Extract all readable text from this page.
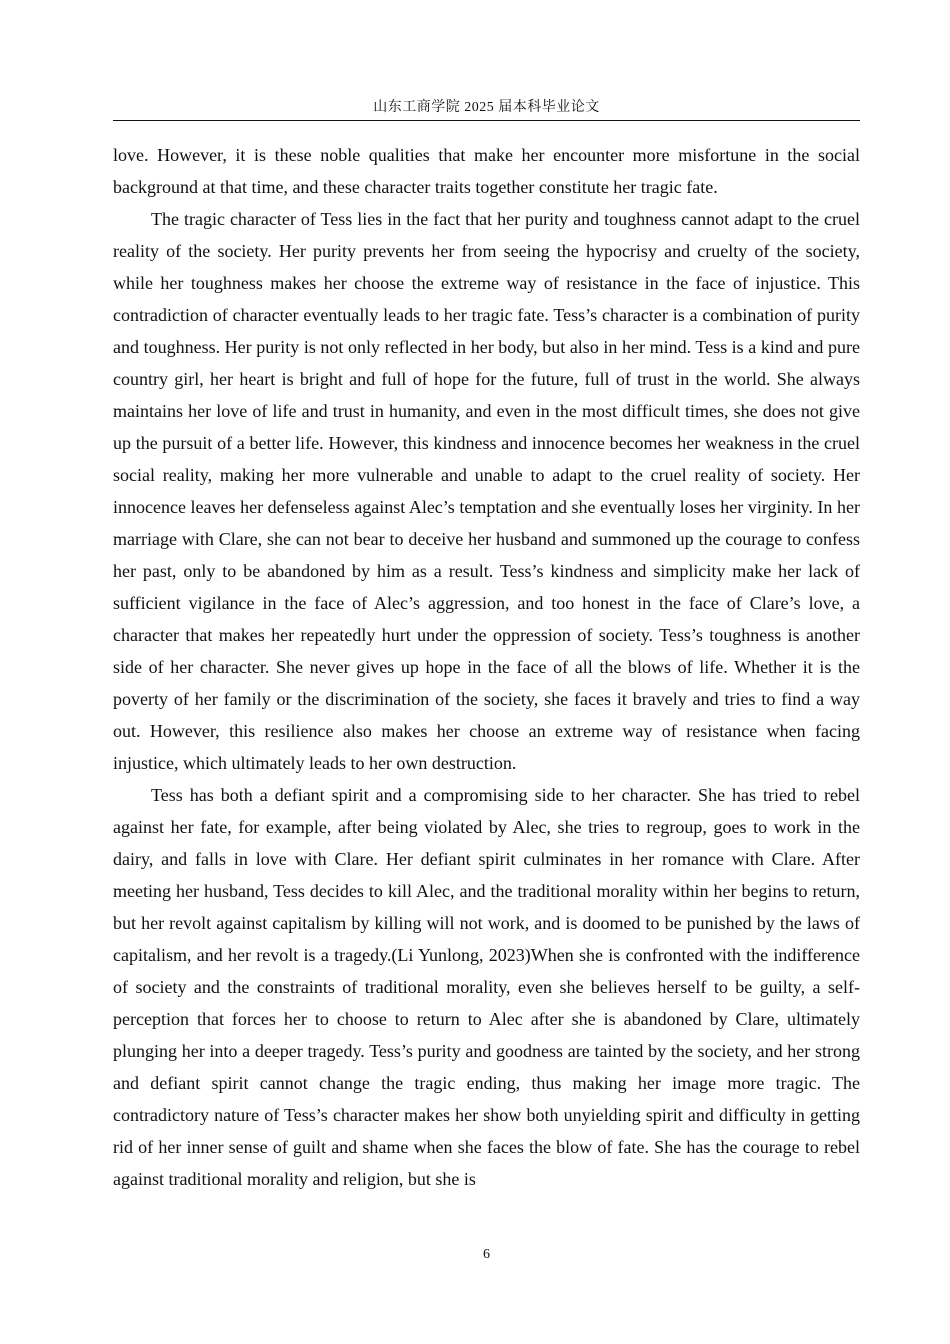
山东工商学院 2025 届本科毕业论文

love. However, it is these noble qualities that make her encounter more misfortune in the social background at that time, and these character traits together constitute her tragic fate.

The tragic character of Tess lies in the fact that her purity and toughness cannot adapt to the cruel reality of the society. Her purity prevents her from seeing the hypocrisy and cruelty of the society, while her toughness makes her choose the extreme way of resistance in the face of injustice. This contradiction of character eventually leads to her tragic fate. Tess’s character is a combination of purity and toughness. Her purity is not only reflected in her body, but also in her mind. Tess is a kind and pure country girl, her heart is bright and full of hope for the future, full of trust in the world. She always maintains her love of life and trust in humanity, and even in the most difficult times, she does not give up the pursuit of a better life. However, this kindness and innocence becomes her weakness in the cruel social reality, making her more vulnerable and unable to adapt to the cruel reality of society. Her innocence leaves her defenseless against Alec’s temptation and she eventually loses her virginity. In her marriage with Clare, she can not bear to deceive her husband and summoned up the courage to confess her past, only to be abandoned by him as a result. Tess’s kindness and simplicity make her lack of sufficient vigilance in the face of Alec’s aggression, and too honest in the face of Clare’s love, a character that makes her repeatedly hurt under the oppression of society. Tess’s toughness is another side of her character. She never gives up hope in the face of all the blows of life. Whether it is the poverty of her family or the discrimination of the society, she faces it bravely and tries to find a way out. However, this resilience also makes her choose an extreme way of resistance when facing injustice, which ultimately leads to her own destruction.

Tess has both a defiant spirit and a compromising side to her character. She has tried to rebel against her fate, for example, after being violated by Alec, she tries to regroup, goes to work in the dairy, and falls in love with Clare. Her defiant spirit culminates in her romance with Clare. After meeting her husband, Tess decides to kill Alec, and the traditional morality within her begins to return, but her revolt against capitalism by killing will not work, and is doomed to be punished by the laws of capitalism, and her revolt is a tragedy.(Li Yunlong, 2023)When she is confronted with the indifference of society and the constraints of traditional morality, even she believes herself to be guilty, a self-perception that forces her to choose to return to Alec after she is abandoned by Clare, ultimately plunging her into a deeper tragedy. Tess’s purity and goodness are tainted by the society, and her strong and defiant spirit cannot change the tragic ending, thus making her image more tragic. The contradictory nature of Tess’s character makes her show both unyielding spirit and difficulty in getting rid of her inner sense of guilt and shame when she faces the blow of fate. She has the courage to rebel against traditional morality and religion, but she is

6
